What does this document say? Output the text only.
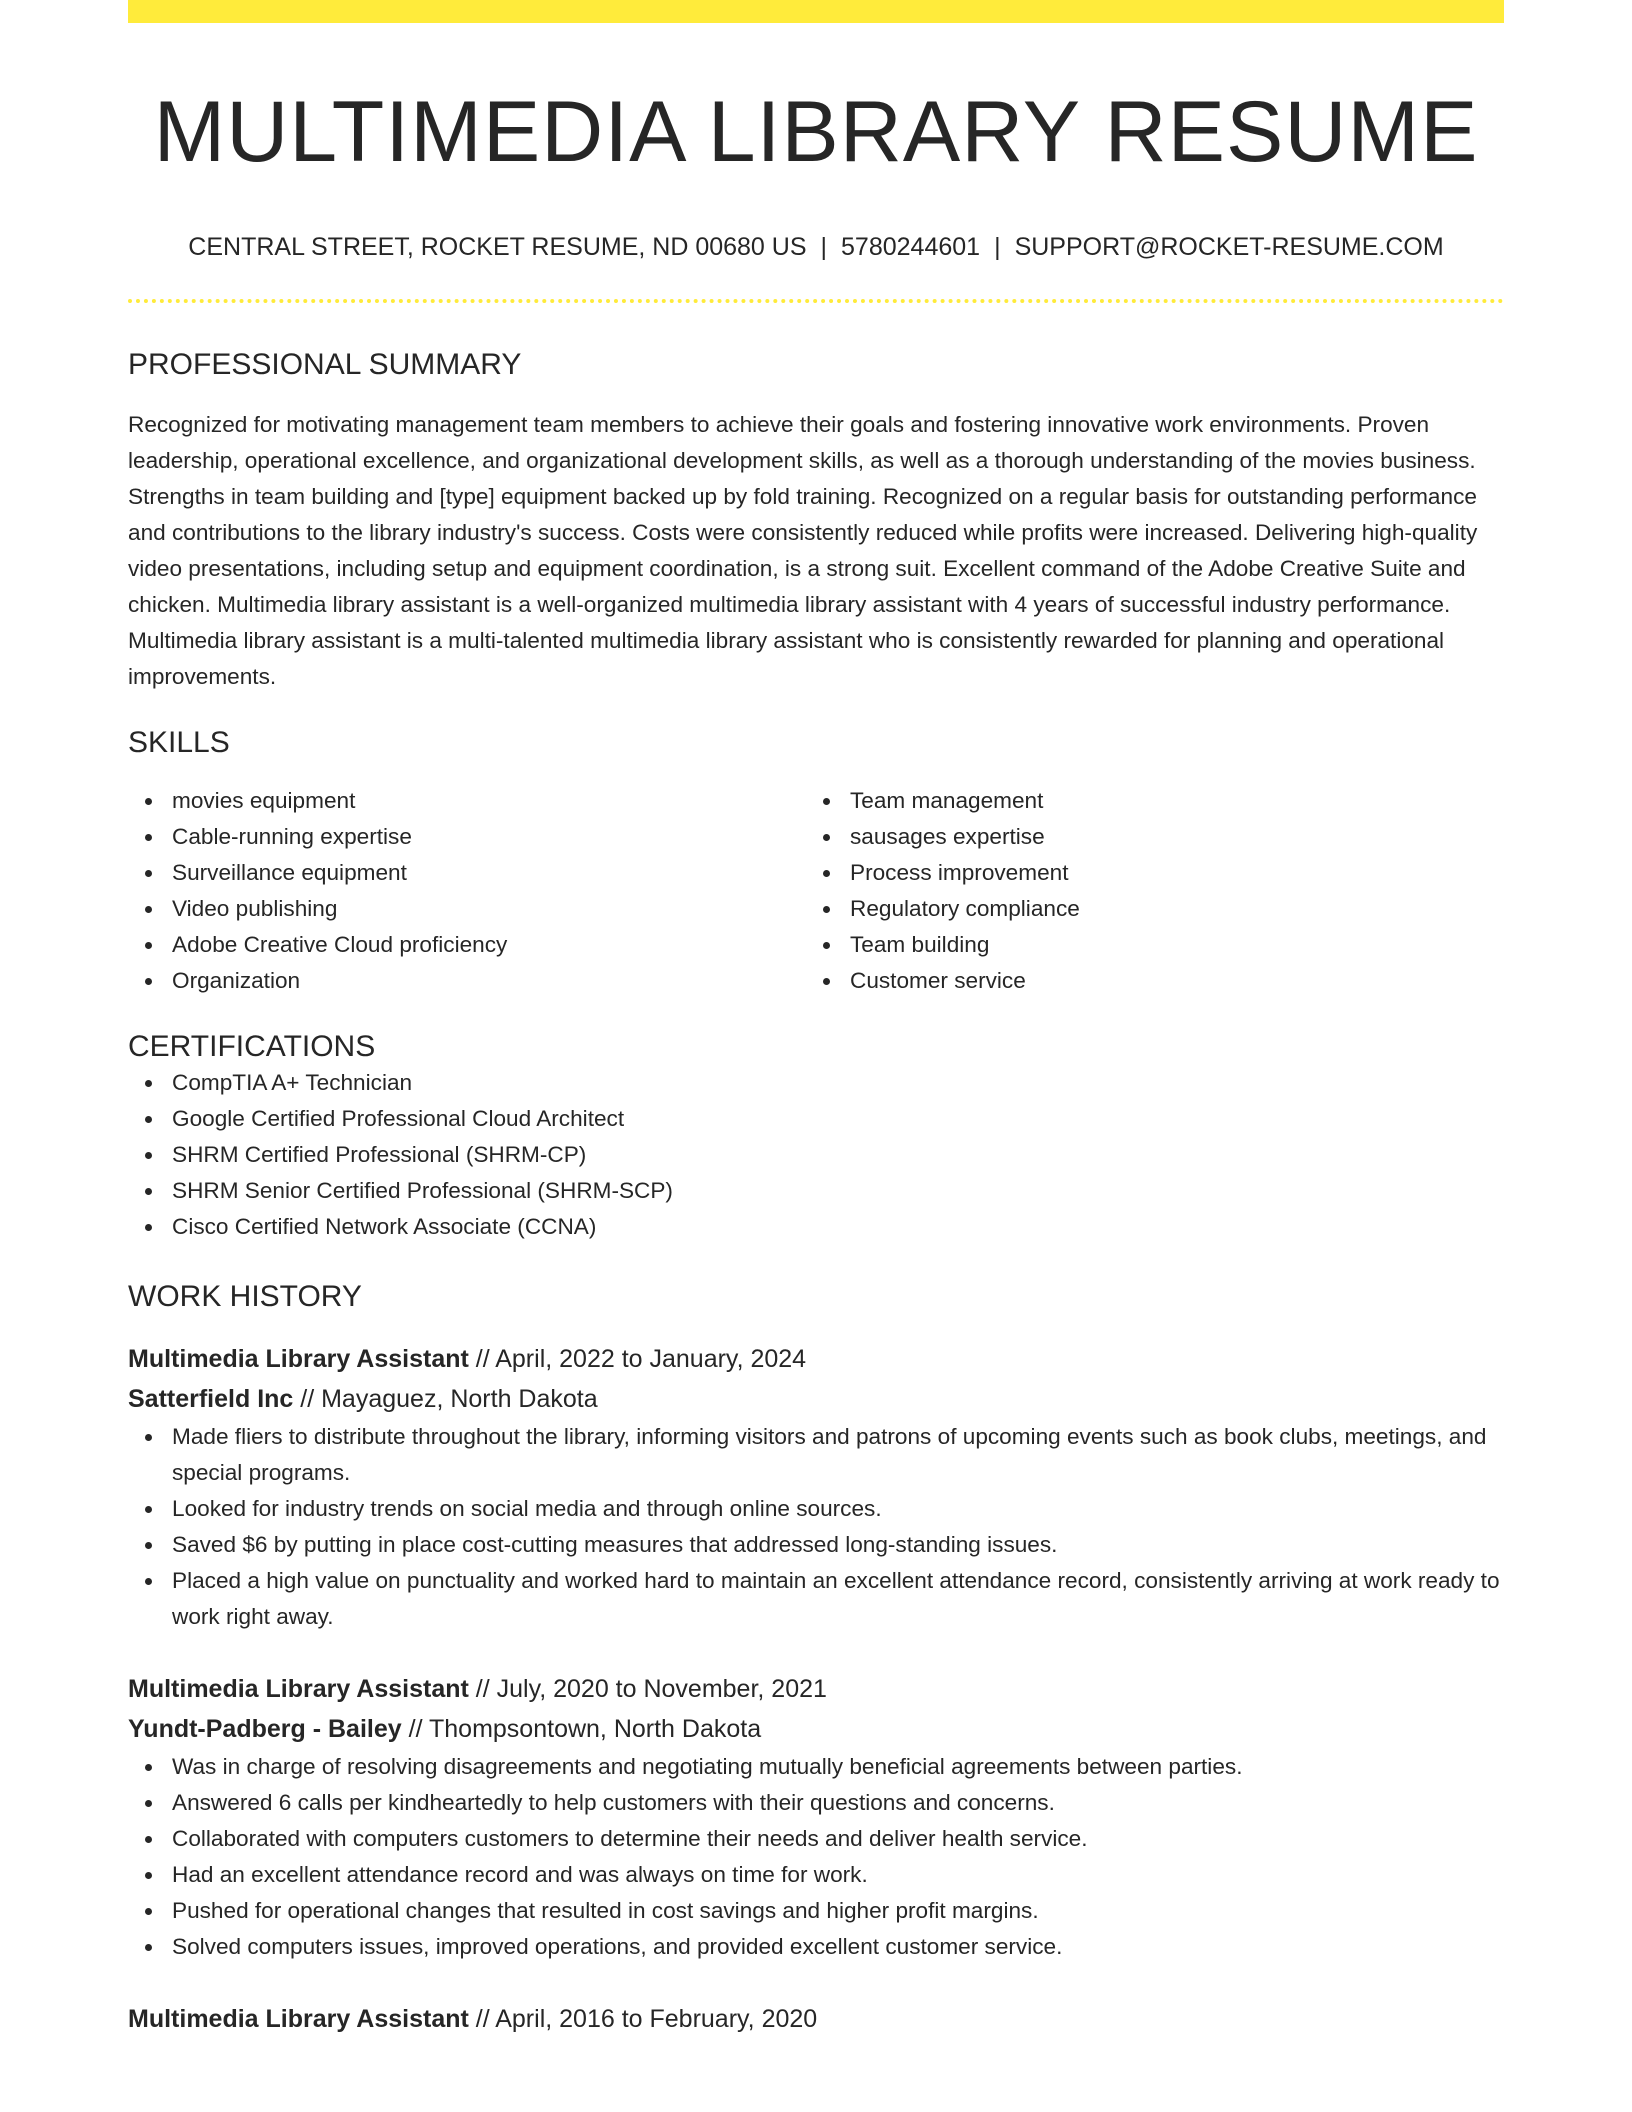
MULTIMEDIA LIBRARY RESUME
CENTRAL STREET, ROCKET RESUME, ND 00680 US | 5780244601 | SUPPORT@ROCKET-RESUME.COM
PROFESSIONAL SUMMARY
Recognized for motivating management team members to achieve their goals and fostering innovative work environments. Proven leadership, operational excellence, and organizational development skills, as well as a thorough understanding of the movies business. Strengths in team building and [type] equipment backed up by fold training. Recognized on a regular basis for outstanding performance and contributions to the library industry's success. Costs were consistently reduced while profits were increased. Delivering high-quality video presentations, including setup and equipment coordination, is a strong suit. Excellent command of the Adobe Creative Suite and chicken. Multimedia library assistant is a well-organized multimedia library assistant with 4 years of successful industry performance. Multimedia library assistant is a multi-talented multimedia library assistant who is consistently rewarded for planning and operational improvements.
SKILLS
movies equipment
Cable-running expertise
Surveillance equipment
Video publishing
Adobe Creative Cloud proficiency
Organization
Team management
sausages expertise
Process improvement
Regulatory compliance
Team building
Customer service
CERTIFICATIONS
CompTIA A+ Technician
Google Certified Professional Cloud Architect
SHRM Certified Professional (SHRM-CP)
SHRM Senior Certified Professional (SHRM-SCP)
Cisco Certified Network Associate (CCNA)
WORK HISTORY
Multimedia Library Assistant // April, 2022 to January, 2024
Satterfield Inc // Mayaguez, North Dakota
Made fliers to distribute throughout the library, informing visitors and patrons of upcoming events such as book clubs, meetings, and special programs.
Looked for industry trends on social media and through online sources.
Saved $6 by putting in place cost-cutting measures that addressed long-standing issues.
Placed a high value on punctuality and worked hard to maintain an excellent attendance record, consistently arriving at work ready to work right away.
Multimedia Library Assistant // July, 2020 to November, 2021
Yundt-Padberg - Bailey // Thompsontown, North Dakota
Was in charge of resolving disagreements and negotiating mutually beneficial agreements between parties.
Answered 6 calls per kindheartedly to help customers with their questions and concerns.
Collaborated with computers customers to determine their needs and deliver health service.
Had an excellent attendance record and was always on time for work.
Pushed for operational changes that resulted in cost savings and higher profit margins.
Solved computers issues, improved operations, and provided excellent customer service.
Multimedia Library Assistant // April, 2016 to February, 2020
